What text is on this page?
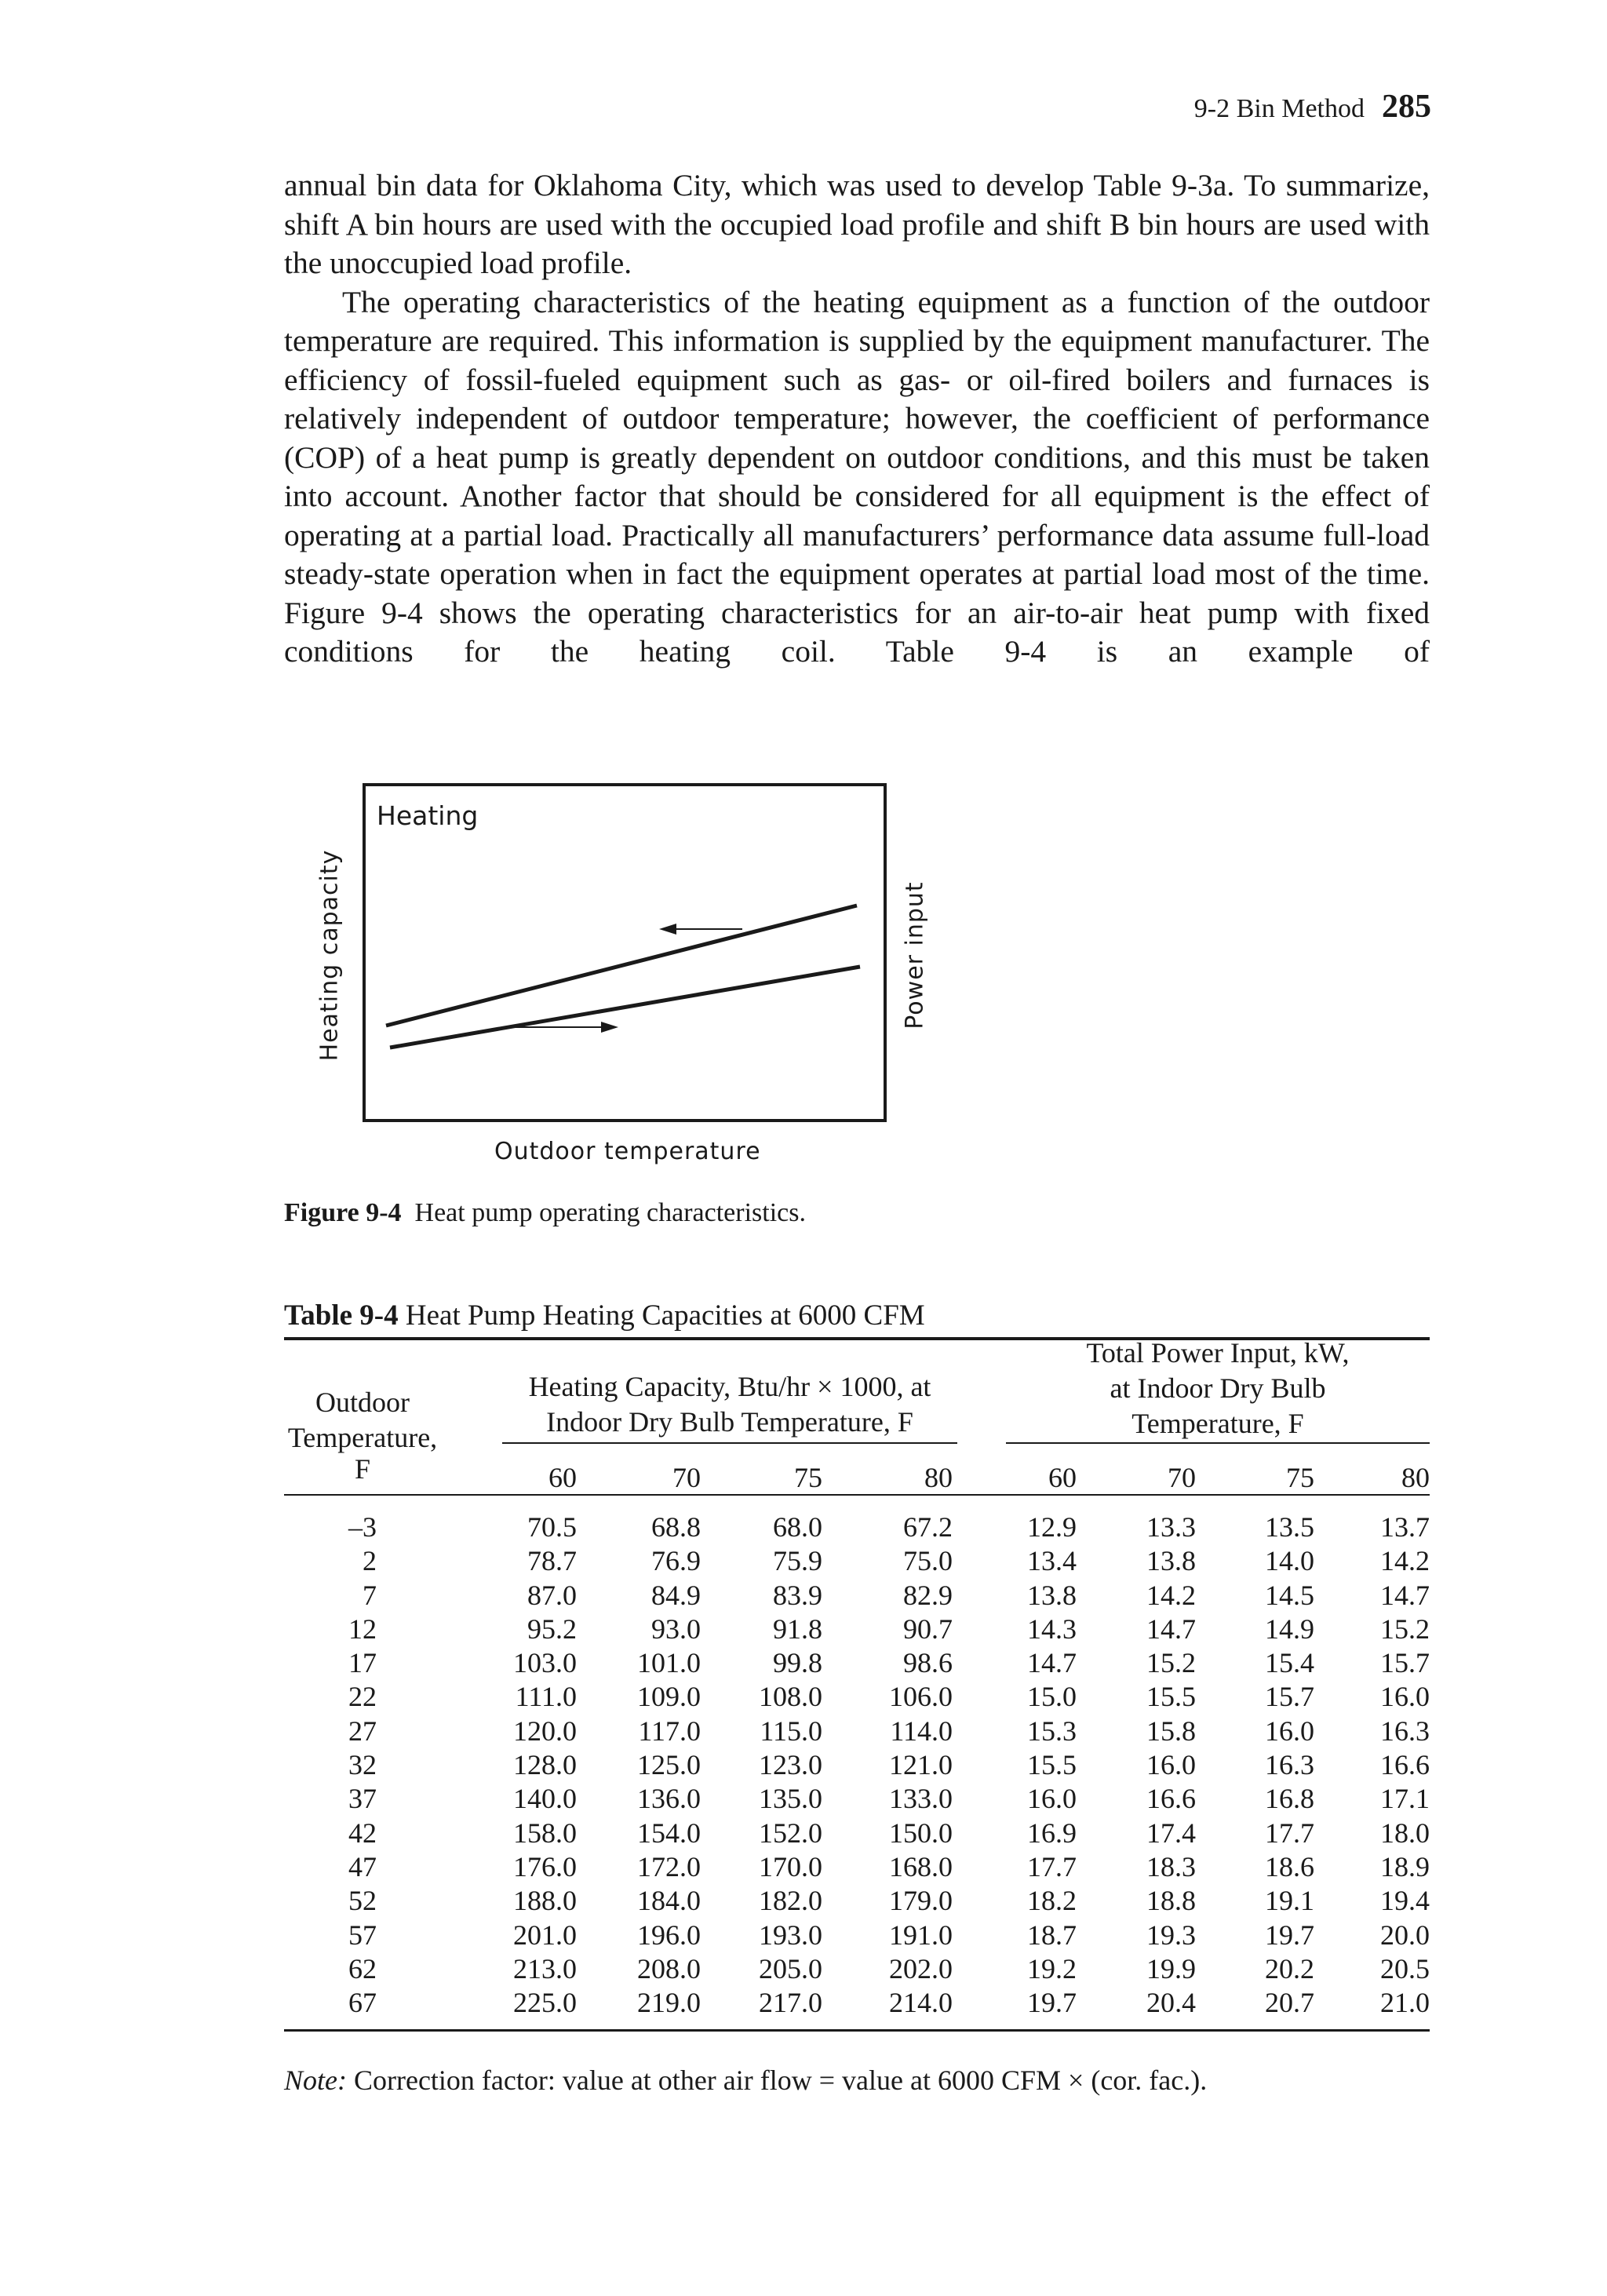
9-2 Bin Method 285

annual bin data for Oklahoma City, which was used to develop Table 9-3a. To summarize, shift A bin hours are used with the occupied load profile and shift B bin hours are used with the unoccupied load profile.

The operating characteristics of the heating equipment as a function of the outdoor temperature are required. This information is supplied by the equipment manufacturer. The efficiency of fossil-fueled equipment such as gas- or oil-fired boilers and furnaces is relatively independent of outdoor temperature; however, the coefficient of performance (COP) of a heat pump is greatly dependent on outdoor conditions, and this must be taken into account. Another factor that should be considered for all equipment is the effect of operating at a partial load. Practically all manufacturers’ performance data assume full-load steady-state operation when in fact the equipment operates at partial load most of the time. Figure 9-4 shows the operating characteristics for an air-to-air heat pump with fixed conditions for the heating coil. Table 9-4 is an example of

Heating
Heating capacity	Power input
Outdoor temperature
Figure 9-4 Heat pump operating characteristics.
Table 9-4 Heat Pump Heating Capacities at 6000 CFM
Outdoor
Temperature,
F
Heating Capacity, Btu/hr × 1000, at
Indoor Dry Bulb Temperature, F
Total Power Input, kW,
at Indoor Dry Bulb
Temperature, F
60	70	75	80	60	70	75	80
–3	70.5	68.8	68.0	67.2	12.9	13.3	13.5	13.7
2	78.7	76.9	75.9	75.0	13.4	13.8	14.0	14.2
7	87.0	84.9	83.9	82.9	13.8	14.2	14.5	14.7
12	95.2	93.0	91.8	90.7	14.3	14.7	14.9	15.2
17	103.0	101.0	99.8	98.6	14.7	15.2	15.4	15.7
22	111.0	109.0	108.0	106.0	15.0	15.5	15.7	16.0
27	120.0	117.0	115.0	114.0	15.3	15.8	16.0	16.3
32	128.0	125.0	123.0	121.0	15.5	16.0	16.3	16.6
37	140.0	136.0	135.0	133.0	16.0	16.6	16.8	17.1
42	158.0	154.0	152.0	150.0	16.9	17.4	17.7	18.0
47	176.0	172.0	170.0	168.0	17.7	18.3	18.6	18.9
52	188.0	184.0	182.0	179.0	18.2	18.8	19.1	19.4
57	201.0	196.0	193.0	191.0	18.7	19.3	19.7	20.0
62	213.0	208.0	205.0	202.0	19.2	19.9	20.2	20.5
67	225.0	219.0	217.0	214.0	19.7	20.4	20.7	21.0
Note: Correction factor: value at other air flow = value at 6000 CFM × (cor. fac.).
